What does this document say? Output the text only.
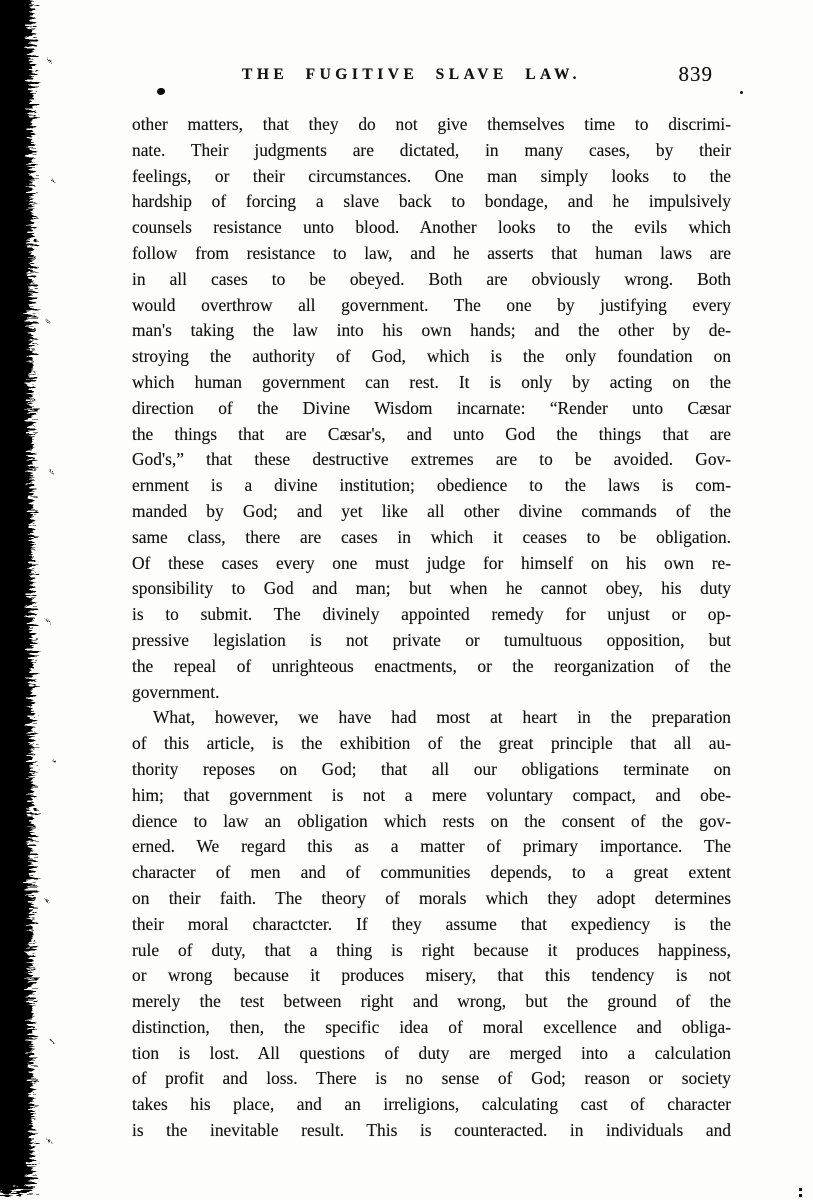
THE FUGITIVE SLAVE LAW.	839
other matters, that they do not give themselves time to discrimi-
nate. Their judgments are dictated, in many cases, by their
feelings, or their circumstances. One man simply looks to the
hardship of forcing a slave back to bondage, and he impulsively
counsels resistance unto blood. Another looks to the evils which
follow from resistance to law, and he asserts that human laws are
in all cases to be obeyed. Both are obviously wrong. Both
would overthrow all government. The one by justifying every
man's taking the law into his own hands; and the other by de-
stroying the authority of God, which is the only foundation on
which human government can rest. It is only by acting on the
direction of the Divine Wisdom incarnate: “Render unto Cæsar
the things that are Cæsar's, and unto God the things that are
God's,” that these destructive extremes are to be avoided. Gov-
ernment is a divine institution; obedience to the laws is com-
manded by God; and yet like all other divine commands of the
same class, there are cases in which it ceases to be obligation.
Of these cases every one must judge for himself on his own re-
sponsibility to God and man; but when he cannot obey, his duty
is to submit. The divinely appointed remedy for unjust or op-
pressive legislation is not private or tumultuous opposition, but
the repeal of unrighteous enactments, or the reorganization of the
government.
What, however, we have had most at heart in the preparation
of this article, is the exhibition of the great principle that all au-
thority reposes on God; that all our obligations terminate on
him; that government is not a mere voluntary compact, and obe-
dience to law an obligation which rests on the consent of the gov-
erned. We regard this as a matter of primary importance. The
character of men and of communities depends, to a great extent
on their faith. The theory of morals which they adopt determines
their moral charactcter. If they assume that expediency is the
rule of duty, that a thing is right because it produces happiness,
or wrong because it produces misery, that this tendency is not
merely the test between right and wrong, but the ground of the
distinction, then, the specific idea of moral excellence and obliga-
tion is lost. All questions of duty are merged into a calculation
of profit and loss. There is no sense of God; reason or society
takes his place, and an irreligions, calculating cast of character
is the inevitable result. This is counteracted. in individuals and
